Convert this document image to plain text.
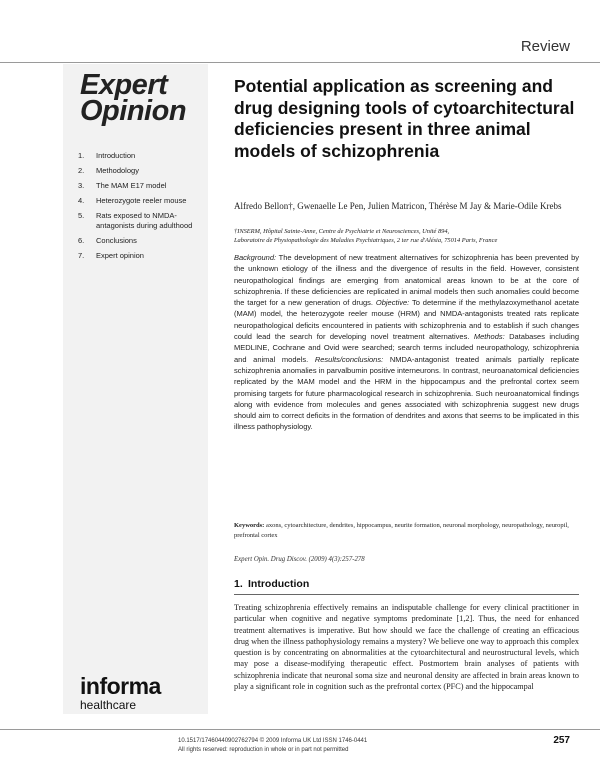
Review
Expert
Opinion
1.	Introduction
2.	Methodology
3.	The MAM E17 model
4.	Heterozygote reeler mouse
5.	Rats exposed to NMDA-antagonists during adulthood
6.	Conclusions
7.	Expert opinion
informa
healthcare
Potential application as screening and drug designing tools of cytoarchitectural deficiencies present in three animal models of schizophrenia
Alfredo Bellon†, Gwenaelle Le Pen, Julien Matricon, Thérèse M Jay & Marie-Odile Krebs
†INSERM, Hôpital Sainte-Anne, Centre de Psychiatrie et Neurosciences, Unité 894,
Laboratoire de Physiopathologie des Maladies Psychiatriques, 2 ter rue d'Alésia, 75014 Paris, France
Background: The development of new treatment alternatives for schizophrenia has been prevented by the unknown etiology of the illness and the divergence of results in the field. However, consistent neuropathological findings are emerging from anatomical areas known to be at the core of schizophrenia. If these deficiencies are replicated in animal models then such anomalies could become the target for a new generation of drugs. Objective: To determine if the methylazoxymethanol acetate (MAM) model, the heterozygote reeler mouse (HRM) and NMDA-antagonists treated rats replicate neuropathological deficits encountered in patients with schizophrenia and to establish if such changes could lead the search for developing novel treatment alternatives. Methods: Databases including MEDLINE, Cochrane and Ovid were searched; search terms included neuropathology, schizophrenia and animal models. Results/conclusions: NMDA-antagonist treated animals partially replicate schizophrenia anomalies in parvalbumin positive interneurons. In contrast, neuroanatomical deficiencies replicated by the MAM model and the HRM in the hippocampus and the prefrontal cortex seem promising targets for future pharmacological research in schizophrenia. Such neuroanatomical findings along with evidence from molecules and genes associated with schizophrenia suggest new drugs should aim to correct deficits in the formation of dendrites and axons that seems to be implicated in this illness pathophysiology.
Keywords: axons, cytoarchitecture, dendrites, hippocampus, neurite formation, neuronal morphology, neuropathology, neuropil, prefrontal cortex
Expert Opin. Drug Discov. (2009) 4(3):257-278
1. Introduction

Treating schizophrenia effectively remains an indisputable challenge for every clinical practitioner in particular when cognitive and negative symptoms predominate [1,2]. Thus, the need for enhanced treatment alternatives is imperative. But how should we face the challenge of creating an efficacious drug when the illness pathophysiology remains a mystery? We believe one way to approach this complex question is by concentrating on abnormalities at the cytoarchitectural and neurostructural levels, which may pose a disease-modifying therapeutic effect. Postmortem brain analyses of patients with schizophrenia indicate that neuronal soma size and neuronal density are affected in brain areas known to play a significant role in cognition such as the prefrontal cortex (PFC) and the hippocampal

10.1517/17460440902762794 © 2009 Informa UK Ltd ISSN 1746-0441
All rights reserved: reproduction in whole or in part not permitted
257
